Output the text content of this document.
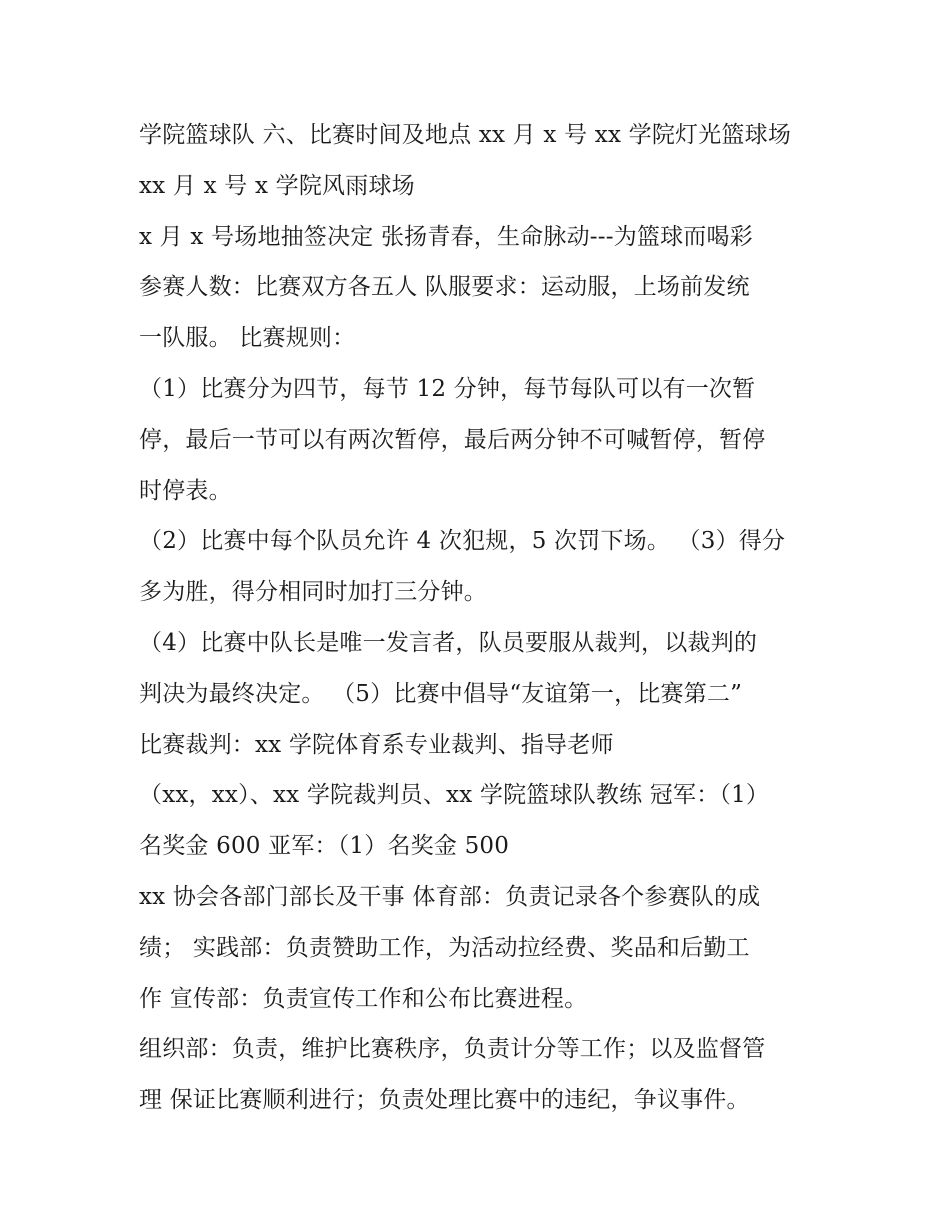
学院篮球队 六、比赛时间及地点 xx 月 x 号 xx 学院灯光篮球场
xx 月 x 号 x 学院风雨球场
x 月 x 号场地抽签决定 张扬青春，生命脉动---为篮球而喝彩
参赛人数：比赛双方各五人 队服要求：运动服，上场前发统
一队服。 比赛规则：
（1）比赛分为四节，每节 12 分钟，每节每队可以有一次暂
停，最后一节可以有两次暂停，最后两分钟不可喊暂停，暂停
时停表。
（2）比赛中每个队员允许 4 次犯规，5 次罚下场。 （3）得分
多为胜，得分相同时加打三分钟。
（4）比赛中队长是唯一发言者，队员要服从裁判，以裁判的
判决为最终决定。 （5）比赛中倡导“友谊第一，比赛第二”
比赛裁判：xx 学院体育系专业裁判、指导老师
（xx，xx）、xx 学院裁判员、xx 学院篮球队教练 冠军：（1）
名奖金 600 亚军：（1）名奖金 500
xx 协会各部门部长及干事 体育部：负责记录各个参赛队的成
绩； 实践部：负责赞助工作，为活动拉经费、奖品和后勤工
作 宣传部：负责宣传工作和公布比赛进程。
组织部：负责，维护比赛秩序，负责计分等工作；以及监督管
理 保证比赛顺利进行；负责处理比赛中的违纪，争议事件。
